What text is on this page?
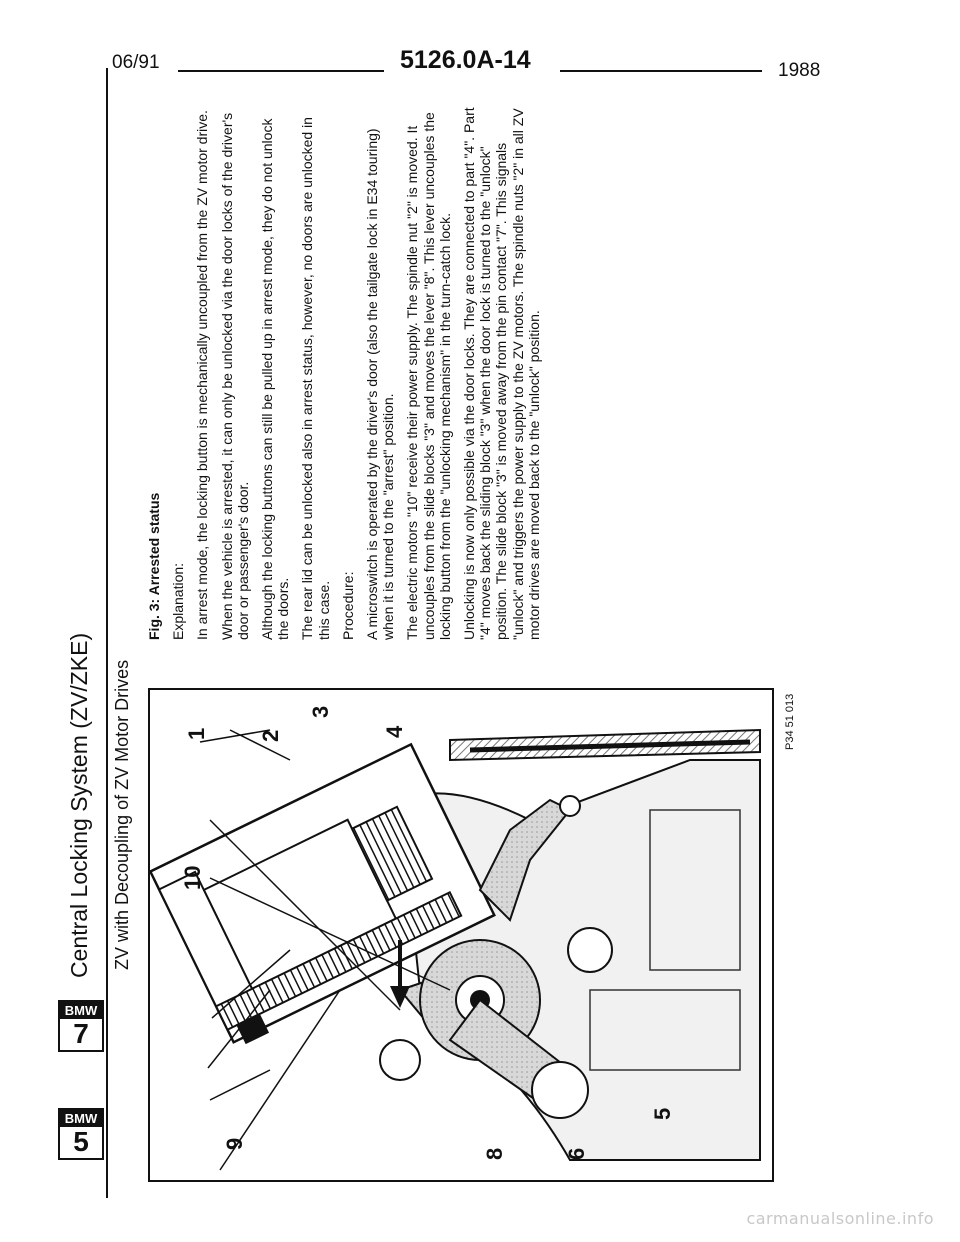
06/91	5126.0A-14	1988
BMW
7
BMW
5
Central Locking System (ZV/ZKE) ZV with Decoupling of ZV Motor Drives 10
9
8	6
5
4
3
2
1	P34 51 013
Fig. 3: Arrested status Explanation: In arrest mode, the locking button is mechanically uncoupled from the ZV motor drive. When the vehicle is arrested, it can only be unlocked via the door locks of the driver's door or passenger's door. Although the locking buttons can still be pulled up in arrest mode, they do not unlock the doors. The rear lid can be unlocked also in arrest status, however, no doors are unlocked in this case. Procedure: A microswitch is operated by the driver's door (also the tailgate lock in E34 touring) when it is turned to the "arrest" position. The electric motors "10" receive their power supply. The spindle nut "2" is moved. It uncouples from the slide blocks "3" and moves the lever "8". This lever uncouples the locking button from the "unlocking mechanism" in the turn-catch lock. Unlocking is now only possible via the door locks. They are connected to part "4". Part "4" moves back the sliding block "3" when the door lock is turned to the "unlock" position. The slide block "3" is moved away from the pin contact "7". This signals "unlock" and triggers the power supply to the ZV motors. The spindle nuts "2" in all ZV motor drives are moved back to the "unlock" position.

carmanualsonline.info
